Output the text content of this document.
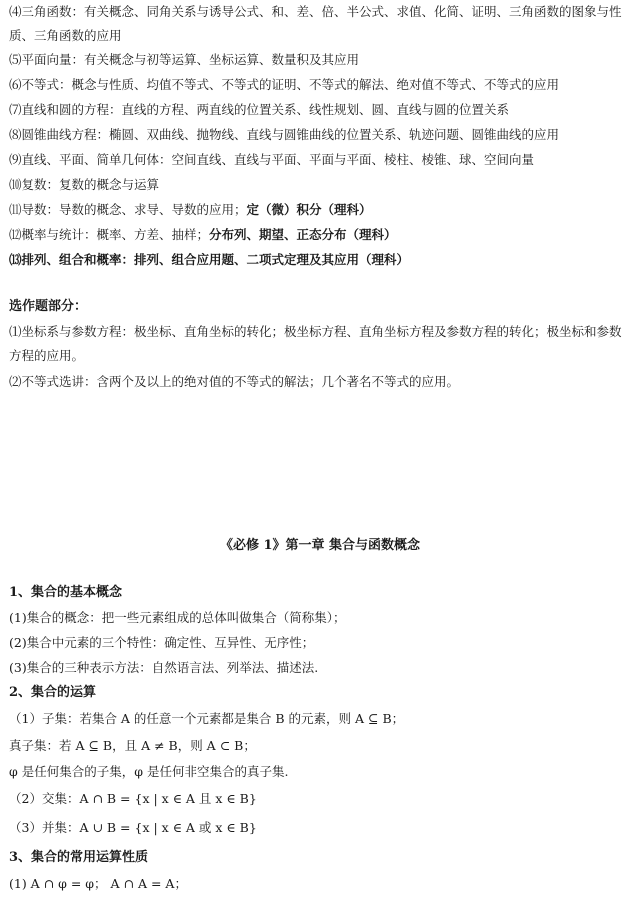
⑷三角函数：有关概念、同角关系与诱导公式、和、差、倍、半公式、求值、化简、证明、三角函数的图象与性质、三角函数的应用
⑸平面向量：有关概念与初等运算、坐标运算、数量积及其应用
⑹不等式：概念与性质、均值不等式、不等式的证明、不等式的解法、绝对值不等式、不等式的应用
⑺直线和圆的方程：直线的方程、两直线的位置关系、线性规划、圆、直线与圆的位置关系
⑻圆锥曲线方程：椭圆、双曲线、抛物线、直线与圆锥曲线的位置关系、轨迹问题、圆锥曲线的应用
⑼直线、平面、简单几何体：空间直线、直线与平面、平面与平面、棱柱、棱锥、球、空间向量
⑽复数：复数的概念与运算
⑾导数：导数的概念、求导、导数的应用；定（微）积分（理科）
⑿概率与统计：概率、方差、抽样；分布列、期望、正态分布（理科）
⒀排列、组合和概率：排列、组合应用题、二项式定理及其应用（理科）
选作题部分：
⑴坐标系与参数方程：极坐标、直角坐标的转化；极坐标方程、直角坐标方程及参数方程的转化；极坐标和参数方程的应用。
⑵不等式选讲：含两个及以上的绝对值的不等式的解法；几个著名不等式的应用。
《必修 1》第一章 集合与函数概念
1、集合的基本概念
(1)集合的概念：把一些元素组成的总体叫做集合（简称集）；
(2)集合中元素的三个特性：确定性、互异性、无序性；
(3)集合的三种表示方法：自然语言法、列举法、描述法.
2、集合的运算
（1）子集：若集合 A 的任意一个元素都是集合 B 的元素，则 A ⊆ B；
真子集：若 A ⊆ B，且 A ≠ B，则 A ⊂ B；
φ 是任何集合的子集，φ 是任何非空集合的真子集.
（2）交集：A ∩ B = {x | x ∈ A 且 x ∈ B}
（3）并集：A ∪ B = {x | x ∈ A 或 x ∈ B}
3、集合的常用运算性质
(1) A ∩ φ = φ； A ∩ A = A；
